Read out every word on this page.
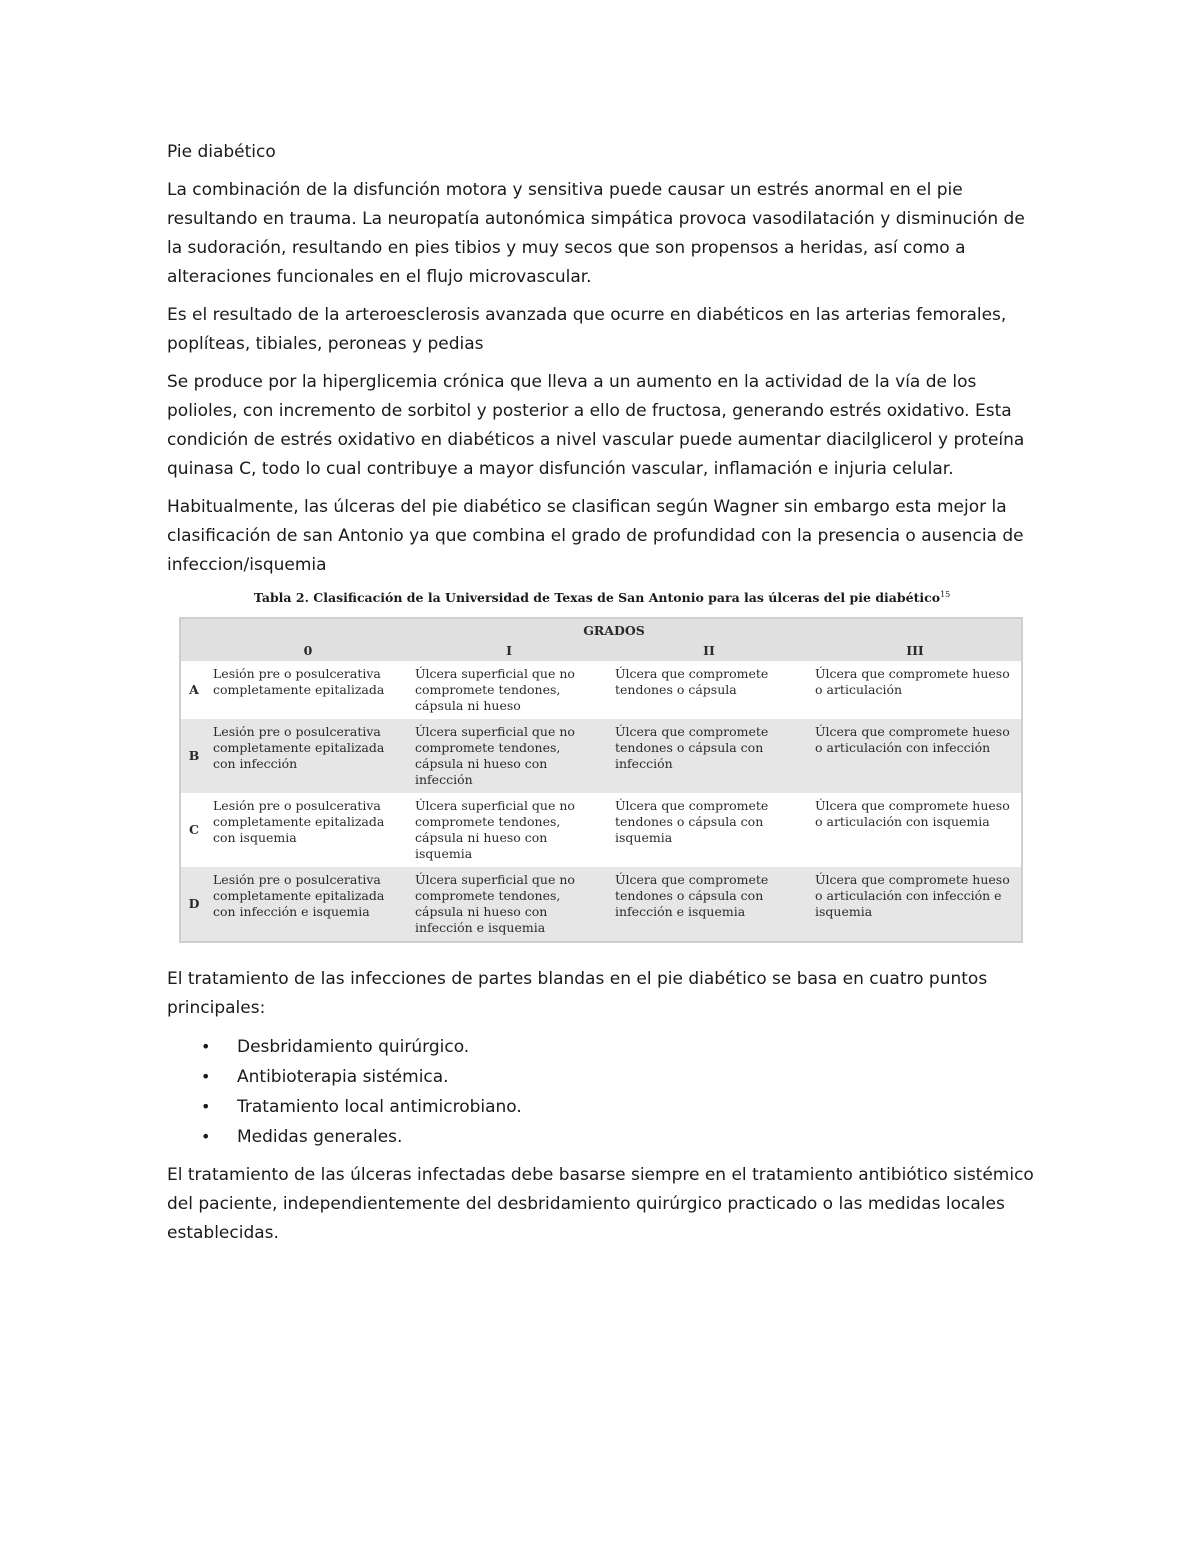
Pie diabético

La combinación de la disfunción motora y sensitiva puede causar un estrés anormal en el pie resultando en trauma. La neuropatía autonómica simpática provoca vasodilatación y disminución de la sudoración, resultando en pies tibios y muy secos que son propensos a heridas, así como a alteraciones funcionales en el flujo microvascular.

Es el resultado de la arteroesclerosis avanzada que ocurre en diabéticos en las arterias femorales, poplíteas, tibiales, peroneas y pedias

Se produce por la hiperglicemia crónica que lleva a un aumento en la actividad de la vía de los polioles, con incremento de sorbitol y posterior a ello de fructosa, generando estrés oxidativo. Esta condición de estrés oxidativo en diabéticos a nivel vascular puede aumentar diacilglicerol y proteína quinasa C, todo lo cual contribuye a mayor disfunción vascular, inflamación e injuria celular.

Habitualmente, las úlceras del pie diabético se clasifican según Wagner sin embargo esta mejor la clasificación de san Antonio ya que combina el grado de profundidad con la presencia o ausencia de infeccion/isquemia

Tabla 2. Clasificación de la Universidad de Texas de San Antonio para las úlceras del pie diabético$^{15}$
	GRADOS			
	0	I	II	III
A	Lesión pre o posulcerativa completamente epitalizada	Úlcera superficial que no compromete tendones, cápsula ni hueso	Úlcera que compromete tendones o cápsula	Úlcera que compromete hueso o articulación
B	Lesión pre o posulcerativa completamente epitalizada con infección	Úlcera superficial que no compromete tendones, cápsula ni hueso con infección	Úlcera que compromete tendones o cápsula con infección	Úlcera que compromete hueso o articulación con infección
C	Lesión pre o posulcerativa completamente epitalizada con isquemia	Úlcera superficial que no compromete tendones, cápsula ni hueso con isquemia	Úlcera que compromete tendones o cápsula con isquemia	Úlcera que compromete hueso o articulación con isquemia
D	Lesión pre o posulcerativa completamente epitalizada con infección e isquemia	Úlcera superficial que no compromete tendones, cápsula ni hueso con infección e isquemia	Úlcera que compromete tendones o cápsula con infección e isquemia	Úlcera que compromete hueso o articulación con infección e isquemia

El tratamiento de las infecciones de partes blandas en el pie diabético se basa en cuatro puntos principales:

•	Desbridamiento quirúrgico.
•	Antibioterapia sistémica.
•	Tratamiento local antimicrobiano.
•	Medidas generales.

El tratamiento de las úlceras infectadas debe basarse siempre en el tratamiento antibiótico sistémico del paciente, independientemente del desbridamiento quirúrgico practicado o las medidas locales establecidas.
